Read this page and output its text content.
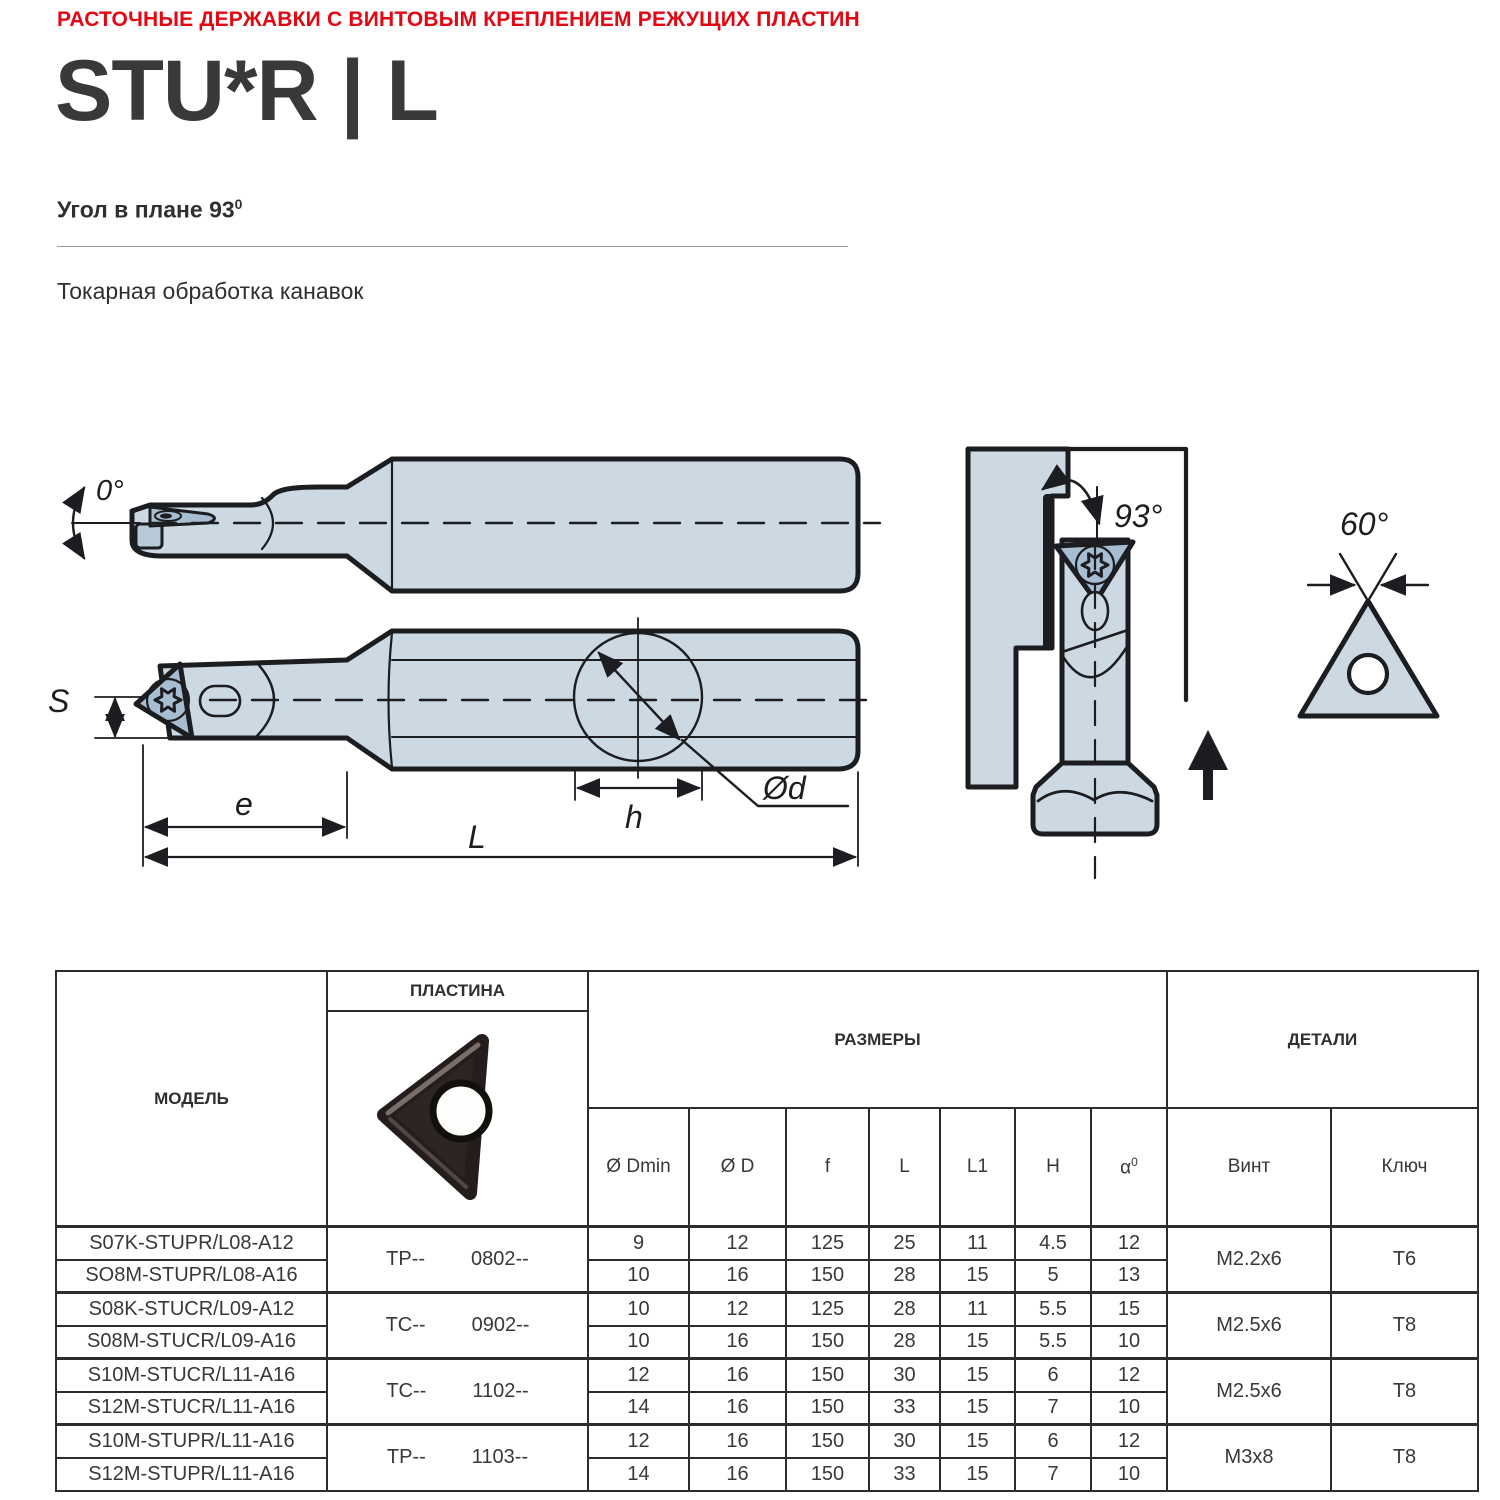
РАСТОЧНЫЕ ДЕРЖАВКИ С ВИНТОВЫМ КРЕПЛЕНИЕМ РЕЖУЩИХ ПЛАСТИН
STU*R | L
Угол в плане $93^0$
Токарная обработка канавок
0°
S
e
L
h
Ød
93°	60°
МОДЕЛЬ	ПЛАСТИНА	РАЗМЕРЫ							ДЕТАЛИ	

		Ø Dmin	Ø D	f	L	L1	H	$\alpha^0$	Винт	Ключ
S07K-STUPR/L08-A12	TP-- 0802--	9	12	125	25	11	4.5	12	M2.2x6	T6
SO8M-STUPR/L08-A16		10	16	150	28	15	5	13		
S08K-STUCR/L09-A12	TC-- 0902--	10	12	125	28	11	5.5	15	M2.5x6	T8
S08M-STUCR/L09-A16		10	16	150	28	15	5.5	10		
S10M-STUCR/L11-A16	TC-- 1102--	12	16	150	30	15	6	12	M2.5x6	T8
S12M-STUCR/L11-A16		14	16	150	33	15	7	10		
S10M-STUPR/L11-A16	TP-- 1103--	12	16	150	30	15	6	12	M3x8	T8
S12M-STUPR/L11-A16		14	16	150	33	15	7	10		
